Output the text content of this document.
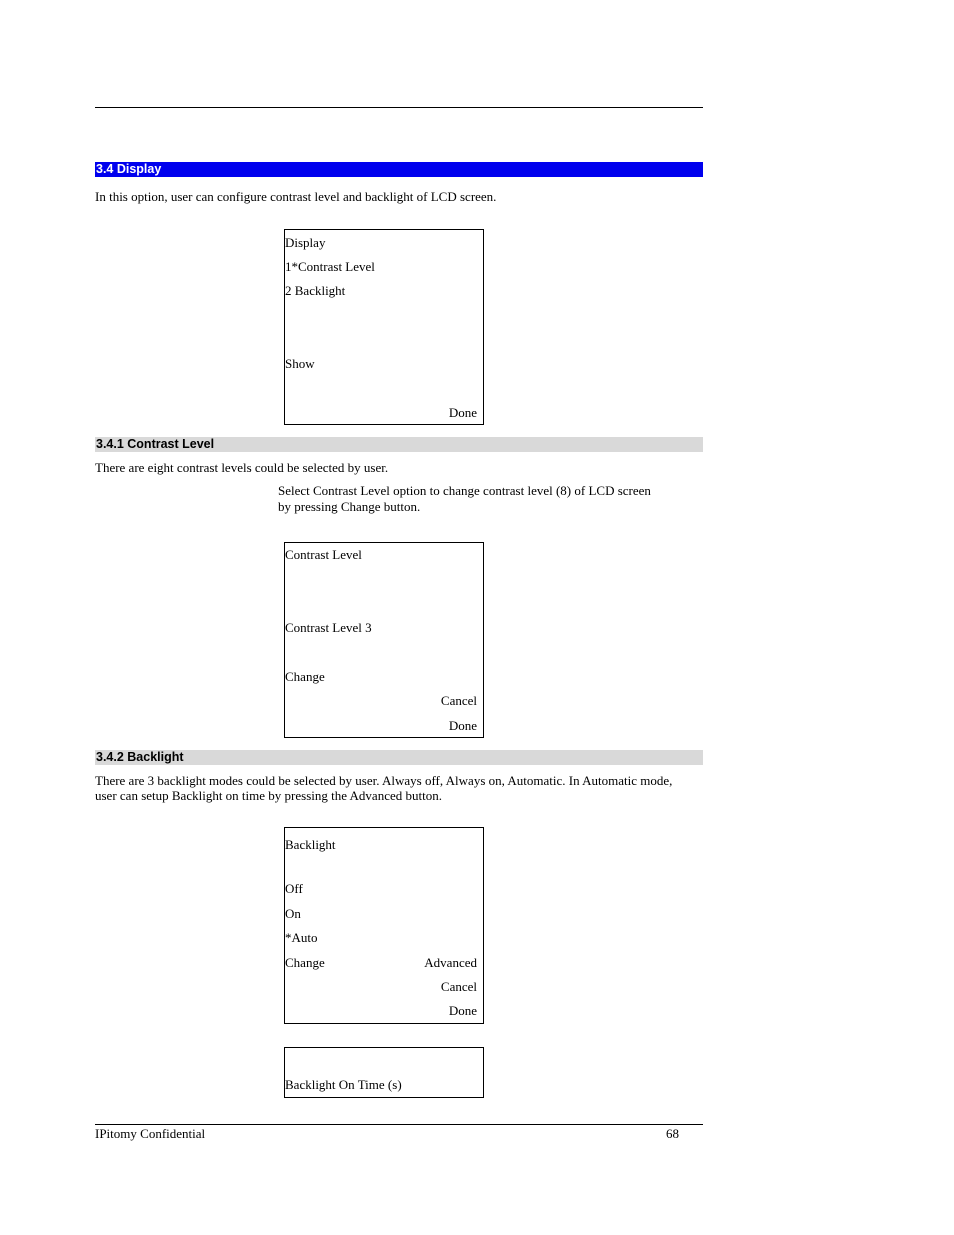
3.4 Display
In this option, user can configure contrast level and backlight of LCD screen.
Display
1*Contrast Level
2 Backlight
Show
Done
3.4.1 Contrast Level
There are eight contrast levels could be selected by user.
Select Contrast Level option to change contrast level (8) of LCD screen
by pressing Change button.
Contrast Level
Contrast Level 3
Change
Cancel
Done
3.4.2 Backlight
There are 3 backlight modes could be selected by user. Always off, Always on, Automatic. In Automatic mode,
user can setup Backlight on time by pressing the Advanced button.
Backlight
Off
On
*Auto
Change	Advanced
Cancel
Done
Backlight On Time (s)
IPitomy Confidential	68
